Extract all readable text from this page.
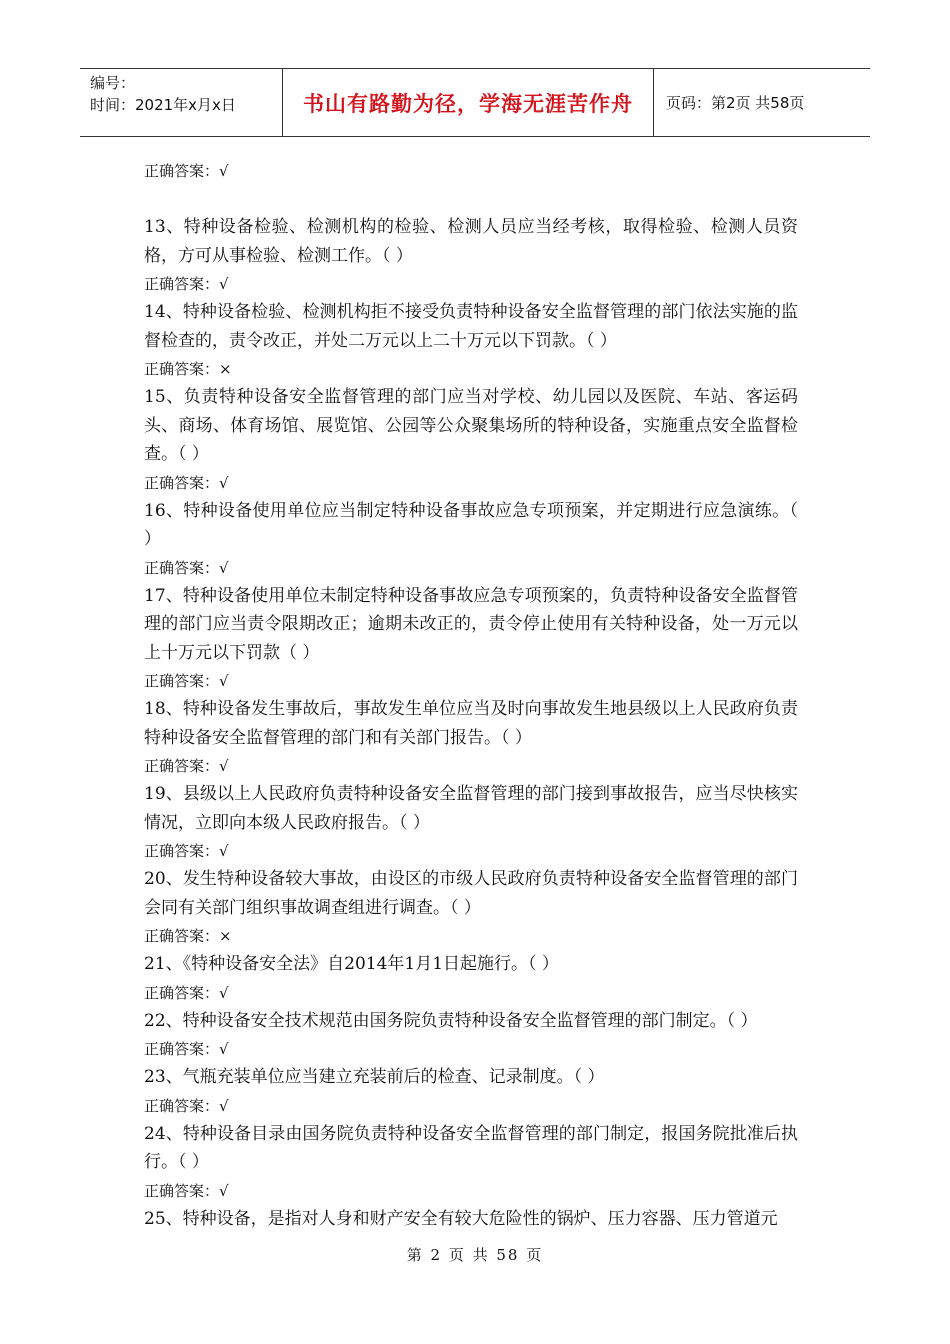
编号：
时间：2021年x月x日	书山有路勤为径，学海无涯苦作舟	页码：第2页 共58页
正确答案：√
13、特种设备检验、检测机构的检验、检测人员应当经考核，取得检验、检测人员资格，方可从事检验、检测工作。（ ）
正确答案：√
14、特种设备检验、检测机构拒不接受负责特种设备安全监督管理的部门依法实施的监督检查的，责令改正，并处二万元以上二十万元以下罚款。（ ）
正确答案：×
15、负责特种设备安全监督管理的部门应当对学校、幼儿园以及医院、车站、客运码头、商场、体育场馆、展览馆、公园等公众聚集场所的特种设备，实施重点安全监督检查。（ ）
正确答案：√
16、特种设备使用单位应当制定特种设备事故应急专项预案，并定期进行应急演练。（ ）
正确答案：√
17、特种设备使用单位未制定特种设备事故应急专项预案的，负责特种设备安全监督管理的部门应当责令限期改正；逾期未改正的，责令停止使用有关特种设备，处一万元以上十万元以下罚款（ ）
正确答案：√
18、特种设备发生事故后，事故发生单位应当及时向事故发生地县级以上人民政府负责特种设备安全监督管理的部门和有关部门报告。（ ）
正确答案：√
19、县级以上人民政府负责特种设备安全监督管理的部门接到事故报告，应当尽快核实情况，立即向本级人民政府报告。（ ）
正确答案：√
20、发生特种设备较大事故，由设区的市级人民政府负责特种设备安全监督管理的部门会同有关部门组织事故调查组进行调查。（ ）
正确答案：×
21、《特种设备安全法》自2014年1月1日起施行。（ ）
正确答案：√
22、特种设备安全技术规范由国务院负责特种设备安全监督管理的部门制定。（ ）
正确答案：√
23、气瓶充装单位应当建立充装前后的检查、记录制度。（ ）
正确答案：√
24、特种设备目录由国务院负责特种设备安全监督管理的部门制定，报国务院批准后执行。（ ）
正确答案：√
25、特种设备，是指对人身和财产安全有较大危险性的锅炉、压力容器、压力管道元
第 2 页 共 58 页
